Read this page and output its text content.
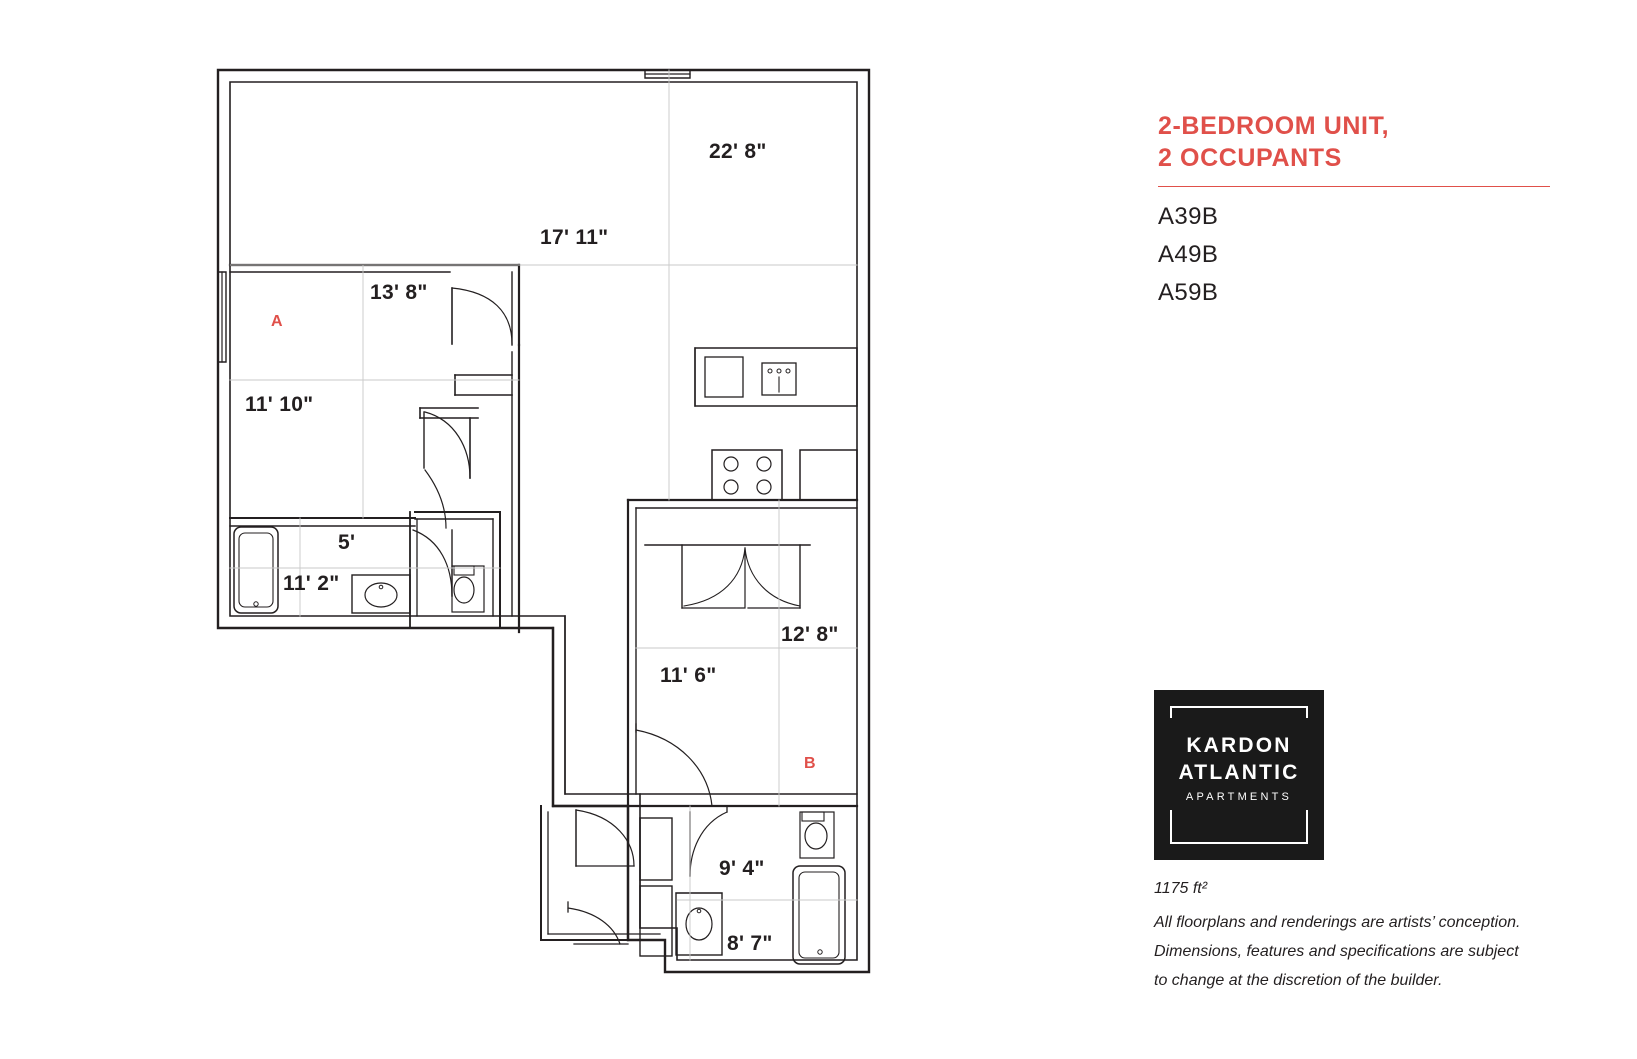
22' 8"
17' 11"
13' 8"
11' 10"
5'
11' 2"
12' 8"
11' 6"
9' 4"
8' 7"
A
B
2-BEDROOM UNIT,
2 OCCUPANTS
A39B
A49B
A59B
KARDON
ATLANTIC
APARTMENTS
1175 ft²
All floorplans and renderings are artists’ conception.
Dimensions, features and specifications are subject
to change at the discretion of the builder.
